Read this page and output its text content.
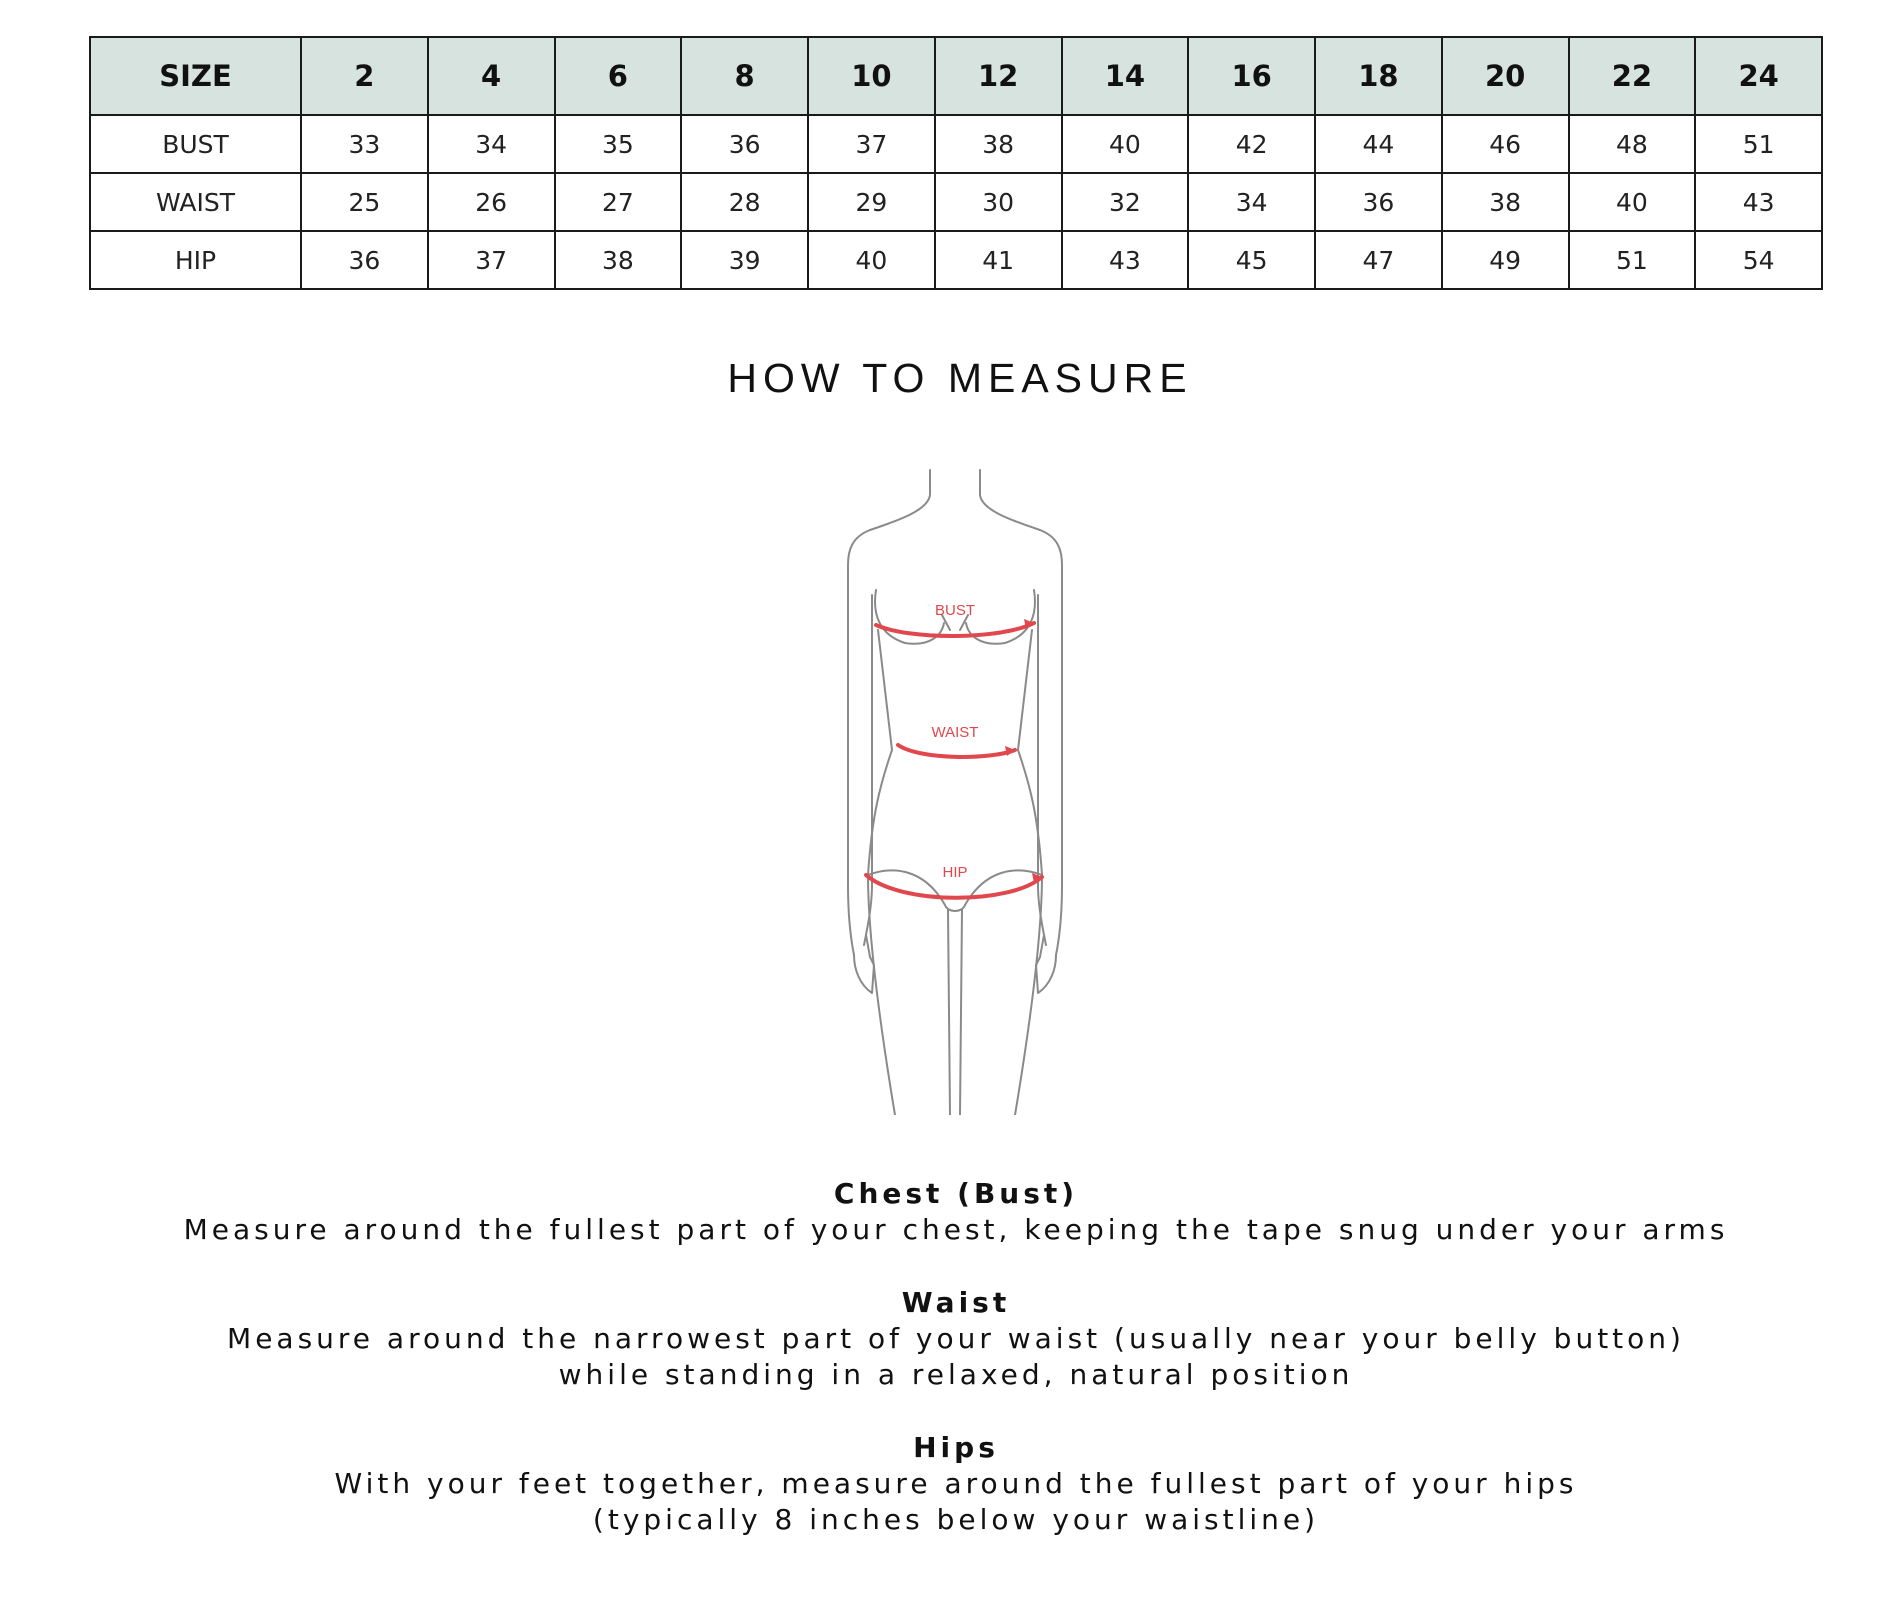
SIZE	2	4	6	8	10	12	14	16	18	20	22	24
BUST	33	34	35	36	37	38	40	42	44	46	48	51
WAIST	25	26	27	28	29	30	32	34	36	38	40	43
HIP	36	37	38	39	40	41	43	45	47	49	51	54
HOW TO MEASURE
BUST
WAIST
HIP

Chest (Bust)

Measure around the fullest part of your chest, keeping the tape snug under your arms

Waist

Measure around the narrowest part of your waist (usually near your belly button)

while standing in a relaxed, natural position

Hips

With your feet together, measure around the fullest part of your hips

(typically 8 inches below your waistline)
